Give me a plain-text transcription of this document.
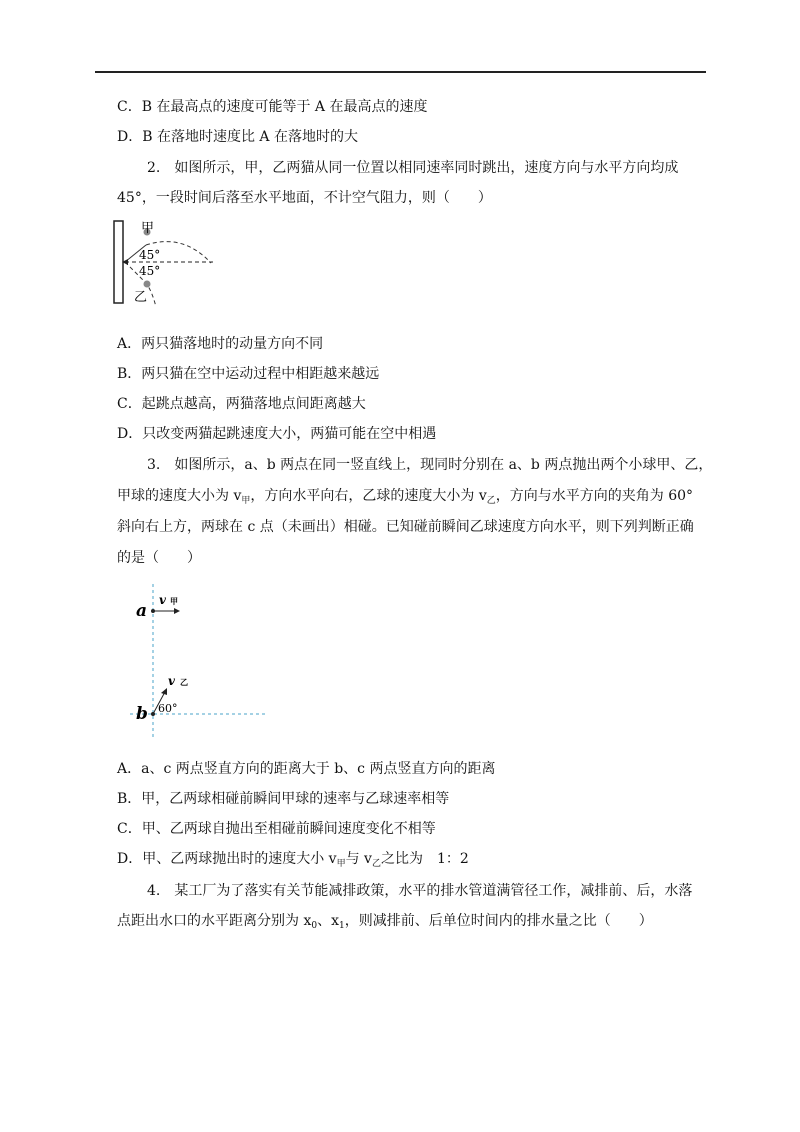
C．B 在最高点的速度可能等于 A 在最高点的速度
D．B 在落地时速度比 A 在落地时的大
2.　如图所示，甲，乙两猫从同一位置以相同速率同时跳出，速度方向与水平方向均成
45°，一段时间后落至水平地面，不计空气阻力，则（　　）
甲
45°
45°
乙
A．两只猫落地时的动量方向不同
B．两只猫在空中运动过程中相距越来越远
C．起跳点越高，两猫落地点间距离越大
D．只改变两猫起跳速度大小，两猫可能在空中相遇
3.　如图所示，a、b 两点在同一竖直线上，现同时分别在 a、b 两点抛出两个小球甲、乙，
甲球的速度大小为 $v_甲$，方向水平向右，乙球的速度大小为 $v_乙$，方向与水平方向的夹角为 60°
斜向右上方，两球在 c 点（未画出）相碰。已知碰前瞬间乙球速度方向水平，则下列判断正确
的是（　　）
a
v甲
b
v乙
60°
A．a、c 两点竖直方向的距离大于 b、c 两点竖直方向的距离
B．甲，乙两球相碰前瞬间甲球的速率与乙球速率相等
C．甲、乙两球自抛出至相碰前瞬间速度变化不相等
D．甲、乙两球抛出时的速度大小 $v_甲$与 $v_乙$之比为　1：2
4.　某工厂为了落实有关节能减排政策，水平的排水管道满管径工作，减排前、后，水落
点距出水口的水平距离分别为 $x_0$、$x_1$，则减排前、后单位时间内的排水量之比（　　）
